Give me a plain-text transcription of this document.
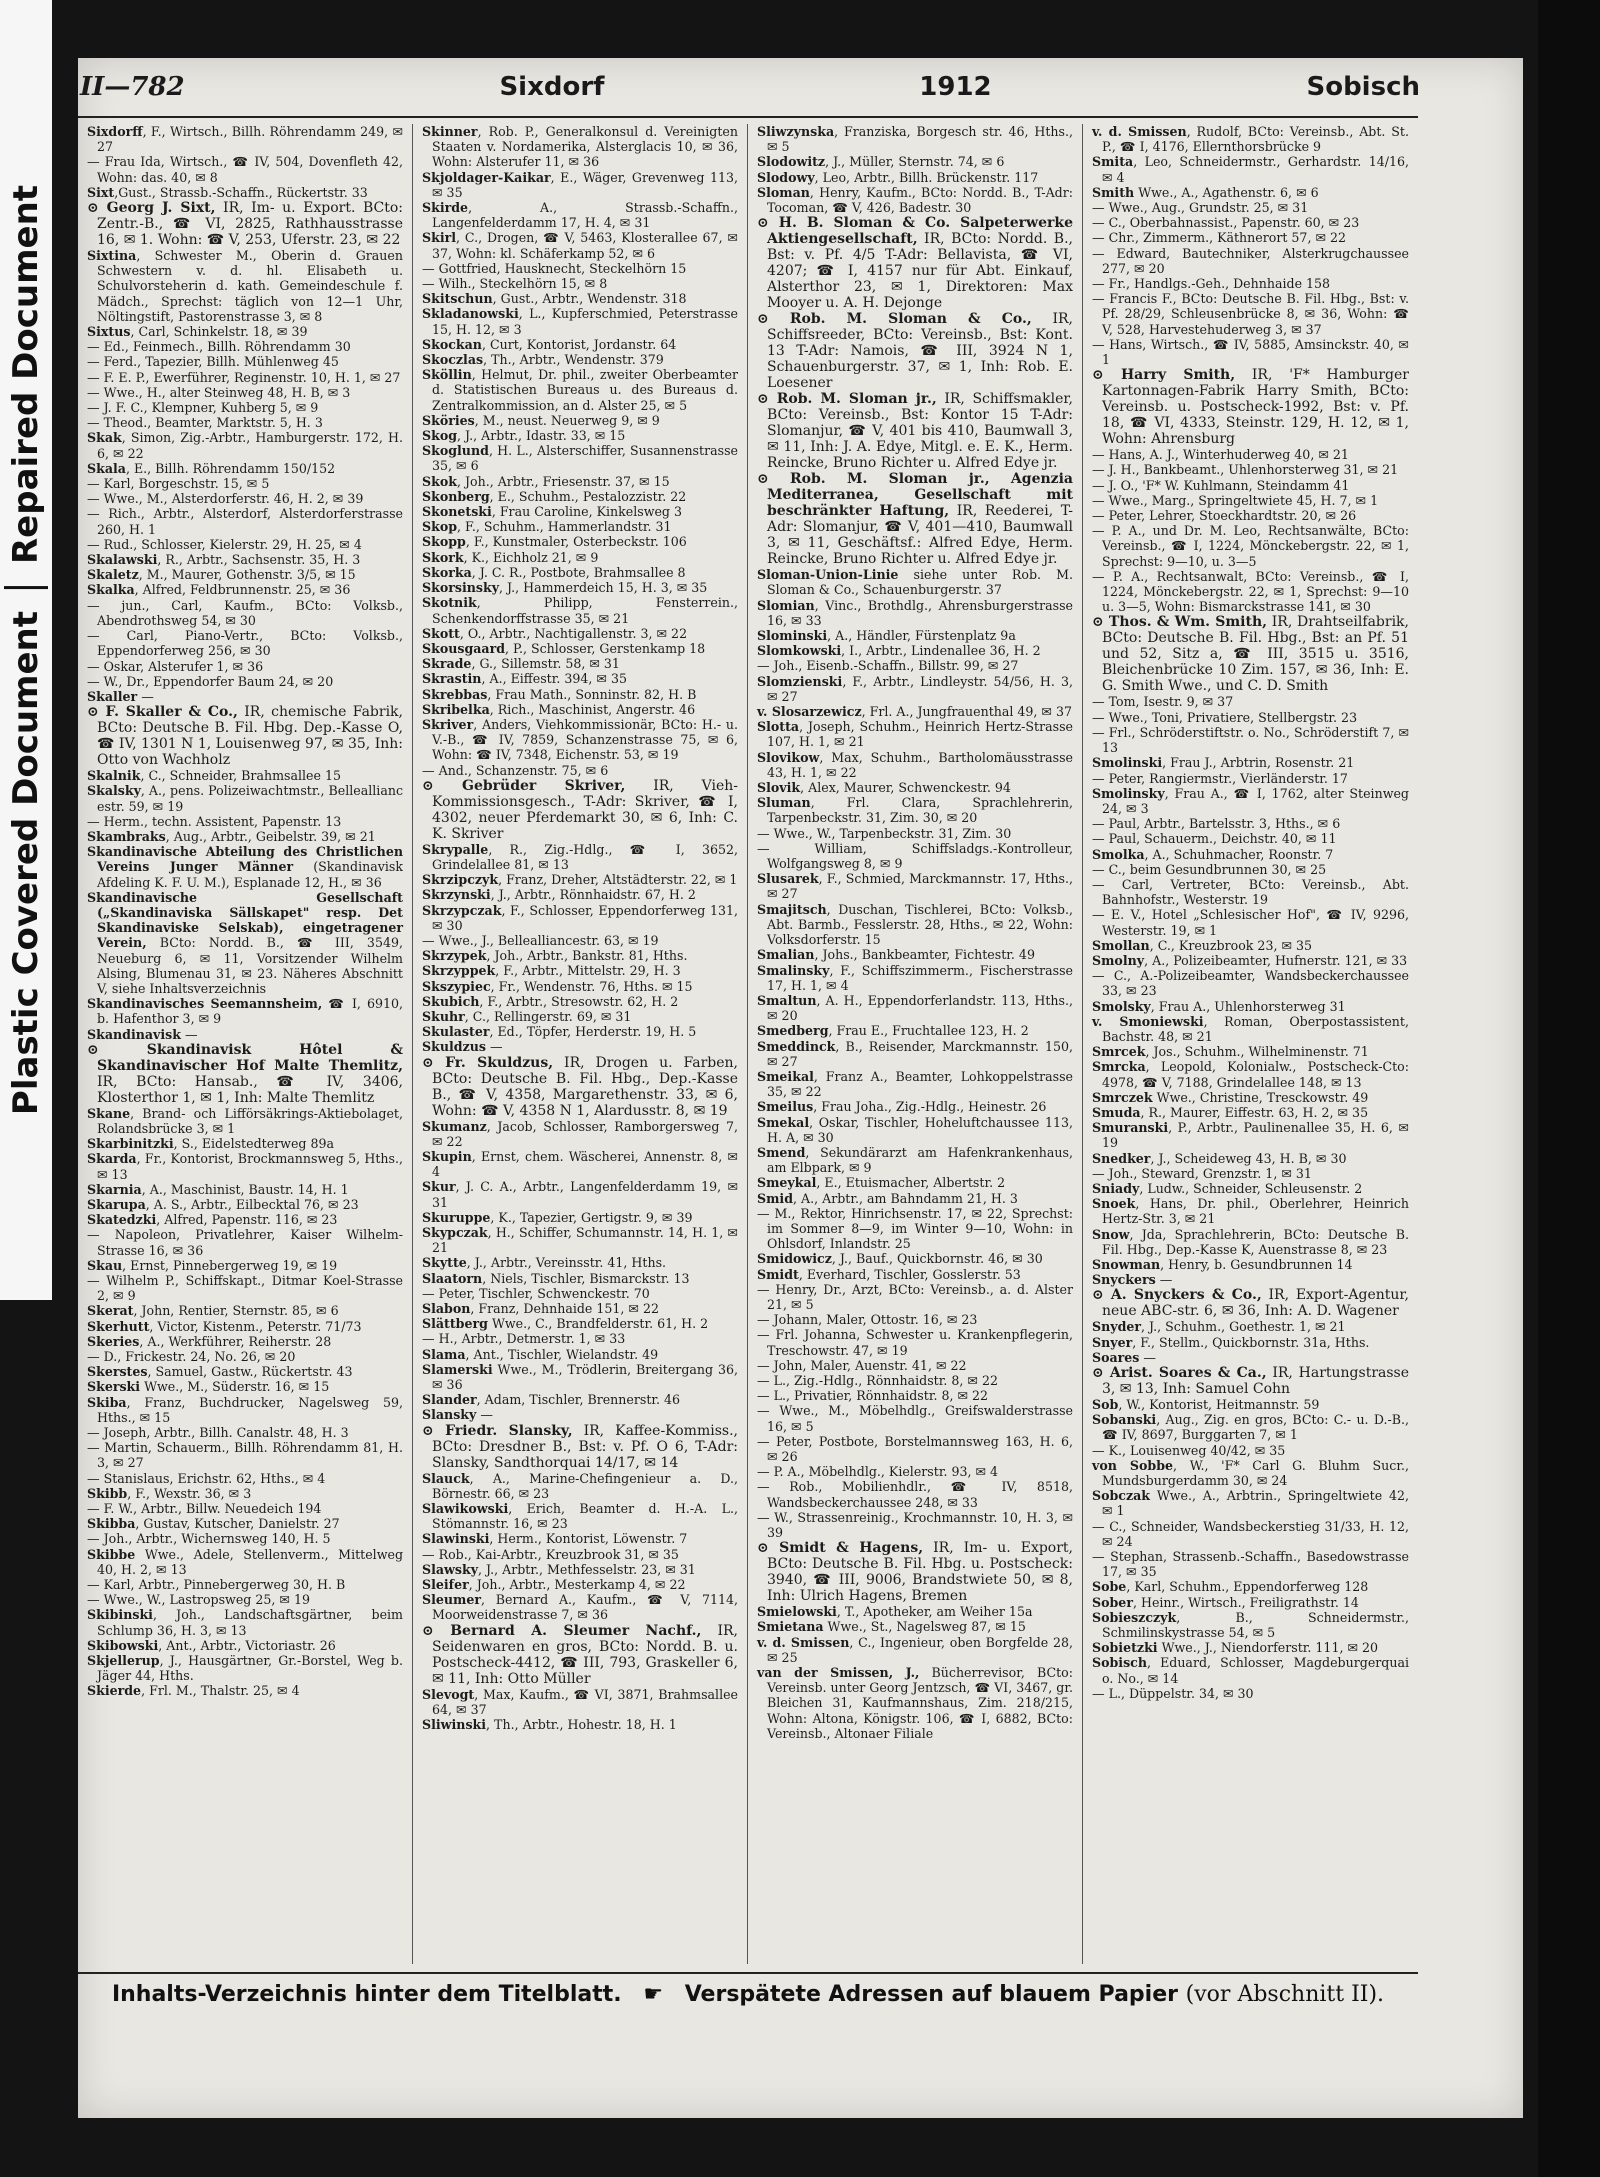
Plastic Covered Document
Repaired Document
II—782	Sixdorf	1912	Sobisch

Sixdorff, F., Wirtsch., Billh. Röhrendamm 249, ✉ 27

— Frau Ida, Wirtsch., ☎ IV, 504, Dovenfleth 42, Wohn: das. 40, ✉ 8

Sixt,Gust., Strassb.-Schaffn., Rückertstr. 33

⊙ Georg J. Sixt, IR, Im- u. Export. BCto: Zentr.-B., ☎ VI, 2825, Rathhausstrasse 16, ✉ 1. Wohn: ☎ V, 253, Uferstr. 23, ✉ 22

Sixtina, Schwester M., Oberin d. Grauen Schwestern v. d. hl. Elisabeth u. Schulvorsteherin d. kath. Gemeindeschule f. Mädch., Sprechst: täglich von 12—1 Uhr, Nöltingstift, Pastorenstrasse 3, ✉ 8

Sixtus, Carl, Schinkelstr. 18, ✉ 39

— Ed., Feinmech., Billh. Röhrendamm 30

— Ferd., Tapezier, Billh. Mühlenweg 45

— F. E. P., Ewerführer, Reginenstr. 10, H. 1, ✉ 27

— Wwe., H., alter Steinweg 48, H. B, ✉ 3

— J. F. C., Klempner, Kuhberg 5, ✉ 9

— Theod., Beamter, Marktstr. 5, H. 3

Skak, Simon, Zig.-Arbtr., Hamburgerstr. 172, H. 6, ✉ 22

Skala, E., Billh. Röhrendamm 150/152

— Karl, Borgeschstr. 15, ✉ 5

— Wwe., M., Alsterdorferstr. 46, H. 2, ✉ 39

— Rich., Arbtr., Alsterdorf, Alsterdorferstrasse 260, H. 1

— Rud., Schlosser, Kielerstr. 29, H. 25, ✉ 4

Skalawski, R., Arbtr., Sachsenstr. 35, H. 3

Skaletz, M., Maurer, Gothenstr. 3/5, ✉ 15

Skalka, Alfred, Feldbrunnenstr. 25, ✉ 36

— jun., Carl, Kaufm., BCto: Volksb., Abendrothsweg 54, ✉ 30

— Carl, Piano-Vertr., BCto: Volksb., Eppendorferweg 256, ✉ 30

— Oskar, Alsterufer 1, ✉ 36

— W., Dr., Eppendorfer Baum 24, ✉ 20

Skaller —

⊙ F. Skaller & Co., IR, chemische Fabrik, BCto: Deutsche B. Fil. Hbg. Dep.-Kasse O, ☎ IV, 1301 N 1, Louisenweg 97, ✉ 35, Inh: Otto von Wachholz

Skalnik, C., Schneider, Brahmsallee 15

Skalsky, A., pens. Polizeiwachtmstr., Belleallianc estr. 59, ✉ 19

— Herm., techn. Assistent, Papenstr. 13

Skambraks, Aug., Arbtr., Geibelstr. 39, ✉ 21

Skandinavische Abteilung des Christlichen Vereins Junger Männer (Skandinavisk Afdeling K. F. U. M.), Esplanade 12, H., ✉ 36

Skandinavische Gesellschaft („Skandinaviska Sällskapet" resp. Det Skandinaviske Selskab), eingetragener Verein, BCto: Nordd. B., ☎ III, 3549, Neueburg 6, ✉ 11, Vorsitzender Wilhelm Alsing, Blumenau 31, ✉ 23. Näheres Abschnitt V, siehe Inhaltsverzeichnis

Skandinavisches Seemannsheim, ☎ I, 6910, b. Hafenthor 3, ✉ 9

Skandinavisk —

⊙ Skandinavisk Hôtel & Skandinavischer Hof Malte Themlitz, IR, BCto: Hansab., ☎ IV, 3406, Klosterthor 1, ✉ 1, Inh: Malte Themlitz

Skane, Brand- och Lifförsäkrings-Aktiebolaget, Rolandsbrücke 3, ✉ 1

Skarbinitzki, S., Eidelstedterweg 89a

Skarda, Fr., Kontorist, Brockmannsweg 5, Hths., ✉ 13

Skarnia, A., Maschinist, Baustr. 14, H. 1

Skarupa, A. S., Arbtr., Eilbecktal 76, ✉ 23

Skatedzki, Alfred, Papenstr. 116, ✉ 23

— Napoleon, Privatlehrer, Kaiser Wilhelm-Strasse 16, ✉ 36

Skau, Ernst, Pinnebergerweg 19, ✉ 19

— Wilhelm P., Schiffskapt., Ditmar Koel-Strasse 2, ✉ 9

Skerat, John, Rentier, Sternstr. 85, ✉ 6

Skerhutt, Victor, Kistenm., Peterstr. 71/73

Skeries, A., Werkführer, Reiherstr. 28

— D., Frickestr. 24, No. 26, ✉ 20

Skerstes, Samuel, Gastw., Rückertstr. 43

Skerski Wwe., M., Süderstr. 16, ✉ 15

Skiba, Franz, Buchdrucker, Nagelsweg 59, Hths., ✉ 15

— Joseph, Arbtr., Billh. Canalstr. 48, H. 3

— Martin, Schauerm., Billh. Röhrendamm 81, H. 3, ✉ 27

— Stanislaus, Erichstr. 62, Hths., ✉ 4

Skibb, F., Wexstr. 36, ✉ 3

— F. W., Arbtr., Billw. Neuedeich 194

Skibba, Gustav, Kutscher, Danielstr. 27

— Joh., Arbtr., Wichernsweg 140, H. 5

Skibbe Wwe., Adele, Stellenverm., Mittelweg 40, H. 2, ✉ 13

— Karl, Arbtr., Pinnebergerweg 30, H. B

— Wwe., W., Lastropsweg 25, ✉ 19

Skibinski, Joh., Landschaftsgärtner, beim Schlump 36, H. 3, ✉ 13

Skibowski, Ant., Arbtr., Victoriastr. 26

Skjellerup, J., Hausgärtner, Gr.-Borstel, Weg b. Jäger 44, Hths.

Skierde, Frl. M., Thalstr. 25, ✉ 4

Skinner, Rob. P., Generalkonsul d. Vereinigten Staaten v. Nordamerika, Alsterglacis 10, ✉ 36, Wohn: Alsterufer 11, ✉ 36

Skjoldager-Kaikar, E., Wäger, Grevenweg 113, ✉ 35

Skirde, A., Strassb.-Schaffn., Langenfelderdamm 17, H. 4, ✉ 31

Skirl, C., Drogen, ☎ V, 5463, Klosterallee 67, ✉ 37, Wohn: kl. Schäferkamp 52, ✉ 6

— Gottfried, Hausknecht, Steckelhörn 15

— Wilh., Steckelhörn 15, ✉ 8

Skitschun, Gust., Arbtr., Wendenstr. 318

Skladanowski, L., Kupferschmied, Peterstrasse 15, H. 12, ✉ 3

Skockan, Curt, Kontorist, Jordanstr. 64

Skoczlas, Th., Arbtr., Wendenstr. 379

Sköllin, Helmut, Dr. phil., zweiter Oberbeamter d. Statistischen Bureaus u. des Bureaus d. Zentralkommission, an d. Alster 25, ✉ 5

Sköries, M., neust. Neuerweg 9, ✉ 9

Skog, J., Arbtr., Idastr. 33, ✉ 15

Skoglund, H. L., Alsterschiffer, Susannenstrasse 35, ✉ 6

Skok, Joh., Arbtr., Friesenstr. 37, ✉ 15

Skonberg, E., Schuhm., Pestalozzistr. 22

Skonetski, Frau Caroline, Kinkelsweg 3

Skop, F., Schuhm., Hammerlandstr. 31

Skopp, F., Kunstmaler, Osterbeckstr. 106

Skork, K., Eichholz 21, ✉ 9

Skorka, J. C. R., Postbote, Brahmsallee 8

Skorsinsky, J., Hammerdeich 15, H. 3, ✉ 35

Skotnik, Philipp, Fensterrein., Schenkendorffstrasse 35, ✉ 21

Skott, O., Arbtr., Nachtigallenstr. 3, ✉ 22

Skousgaard, P., Schlosser, Gerstenkamp 18

Skrade, G., Sillemstr. 58, ✉ 31

Skrastin, A., Eiffestr. 394, ✉ 35

Skrebbas, Frau Math., Sonninstr. 82, H. B

Skribelka, Rich., Maschinist, Angerstr. 46

Skriver, Anders, Viehkommissionär, BCto: H.- u. V.-B., ☎ IV, 7859, Schanzenstrasse 75, ✉ 6, Wohn: ☎ IV, 7348, Eichenstr. 53, ✉ 19

— And., Schanzenstr. 75, ✉ 6

⊙ Gebrüder Skriver, IR, Vieh-Kommissionsgesch., T-Adr: Skriver, ☎ I, 4302, neuer Pferdemarkt 30, ✉ 6, Inh: C. K. Skriver

Skrypalle, R., Zig.-Hdlg., ☎ I, 3652, Grindelallee 81, ✉ 13

Skrzipczyk, Franz, Dreher, Altstädterstr. 22, ✉ 1

Skrzynski, J., Arbtr., Rönnhaidstr. 67, H. 2

Skrzypczak, F., Schlosser, Eppendorferweg 131, ✉ 30

— Wwe., J., Bellealliancestr. 63, ✉ 19

Skrzypek, Joh., Arbtr., Bankstr. 81, Hths.

Skrzyppek, F., Arbtr., Mittelstr. 29, H. 3

Skszypiec, Fr., Wendenstr. 76, Hths. ✉ 15

Skubich, F., Arbtr., Stresowstr. 62, H. 2

Skuhr, C., Rellingerstr. 69, ✉ 31

Skulaster, Ed., Töpfer, Herderstr. 19, H. 5

Skuldzus —

⊙ Fr. Skuldzus, IR, Drogen u. Farben, BCto: Deutsche B. Fil. Hbg., Dep.-Kasse B., ☎ V, 4358, Margarethenstr. 33, ✉ 6, Wohn: ☎ V, 4358 N 1, Alardusstr. 8, ✉ 19

Skumanz, Jacob, Schlosser, Ramborgersweg 7, ✉ 22

Skupin, Ernst, chem. Wäscherei, Annenstr. 8, ✉ 4

Skur, J. C. A., Arbtr., Langenfelderdamm 19, ✉ 31

Skuruppe, K., Tapezier, Gertigstr. 9, ✉ 39

Skypczak, H., Schiffer, Schumannstr. 14, H. 1, ✉ 21

Skytte, J., Arbtr., Vereinsstr. 41, Hths.

Slaatorn, Niels, Tischler, Bismarckstr. 13

— Peter, Tischler, Schwenckestr. 70

Slabon, Franz, Dehnhaide 151, ✉ 22

Slättberg Wwe., C., Brandfelderstr. 61, H. 2

— H., Arbtr., Detmerstr. 1, ✉ 33

Slama, Ant., Tischler, Wielandstr. 49

Slamerski Wwe., M., Trödlerin, Breitergang 36, ✉ 36

Slander, Adam, Tischler, Brennerstr. 46

Slansky —

⊙ Friedr. Slansky, IR, Kaffee-Kommiss., BCto: Dresdner B., Bst: v. Pf. O 6, T-Adr: Slansky, Sandthorquai 14/17, ✉ 14

Slauck, A., Marine-Chefingenieur a. D., Börnestr. 66, ✉ 23

Slawikowski, Erich, Beamter d. H.-A. L., Stömannstr. 16, ✉ 23

Slawinski, Herm., Kontorist, Löwenstr. 7

— Rob., Kai-Arbtr., Kreuzbrook 31, ✉ 35

Slawsky, J., Arbtr., Methfesselstr. 23, ✉ 31

Sleifer, Joh., Arbtr., Mesterkamp 4, ✉ 22

Sleumer, Bernard A., Kaufm., ☎ V, 7114, Moorweidenstrasse 7, ✉ 36

⊙ Bernard A. Sleumer Nachf., IR, Seidenwaren en gros, BCto: Nordd. B. u. Postscheck-4412, ☎ III, 793, Graskeller 6, ✉ 11, Inh: Otto Müller

Slevogt, Max, Kaufm., ☎ VI, 3871, Brahmsallee 64, ✉ 37

Sliwinski, Th., Arbtr., Hohestr. 18, H. 1

Sliwzynska, Franziska, Borgesch str. 46, Hths., ✉ 5

Slodowitz, J., Müller, Sternstr. 74, ✉ 6

Slodowy, Leo, Arbtr., Billh. Brückenstr. 117

Sloman, Henry, Kaufm., BCto: Nordd. B., T-Adr: Tocoman, ☎ V, 426, Badestr. 30

⊙ H. B. Sloman & Co. Salpeterwerke Aktiengesellschaft, IR, BCto: Nordd. B., Bst: v. Pf. 4/5 T-Adr: Bellavista, ☎ VI, 4207; ☎ I, 4157 nur für Abt. Einkauf, Alsterthor 23, ✉ 1, Direktoren: Max Mooyer u. A. H. Dejonge

⊙ Rob. M. Sloman & Co., IR, Schiffsreeder, BCto: Vereinsb., Bst: Kont. 13 T-Adr: Namois, ☎ III, 3924 N 1, Schauenburgerstr. 37, ✉ 1, Inh: Rob. E. Loesener

⊙ Rob. M. Sloman jr., IR, Schiffsmakler, BCto: Vereinsb., Bst: Kontor 15 T-Adr: Slomanjur, ☎ V, 401 bis 410, Baumwall 3, ✉ 11, Inh: J. A. Edye, Mitgl. e. E. K., Herm. Reincke, Bruno Richter u. Alfred Edye jr.

⊙ Rob. M. Sloman jr., Agenzia Mediterranea, Gesellschaft mit beschränkter Haftung, IR, Reederei, T-Adr: Slomanjur, ☎ V, 401—410, Baumwall 3, ✉ 11, Geschäftsf.: Alfred Edye, Herm. Reincke, Bruno Richter u. Alfred Edye jr.

Sloman-Union-Linie siehe unter Rob. M. Sloman & Co., Schauenburgerstr. 37

Slomian, Vinc., Brothdlg., Ahrensburgerstrasse 16, ✉ 33

Slominski, A., Händler, Fürstenplatz 9a

Slomkowski, I., Arbtr., Lindenallee 36, H. 2

— Joh., Eisenb.-Schaffn., Billstr. 99, ✉ 27

Slomzienski, F., Arbtr., Lindleystr. 54/56, H. 3, ✉ 27

v. Slosarzewicz, Frl. A., Jungfrauenthal 49, ✉ 37

Slotta, Joseph, Schuhm., Heinrich Hertz-Strasse 107, H. 1, ✉ 21

Slovikow, Max, Schuhm., Bartholomäusstrasse 43, H. 1, ✉ 22

Slovik, Alex, Maurer, Schwenckestr. 94

Sluman, Frl. Clara, Sprachlehrerin, Tarpenbeckstr. 31, Zim. 30, ✉ 20

— Wwe., W., Tarpenbeckstr. 31, Zim. 30

— William, Schiffsladgs.-Kontrolleur, Wolfgangsweg 8, ✉ 9

Slusarek, F., Schmied, Marckmannstr. 17, Hths., ✉ 27

Smajitsch, Duschan, Tischlerei, BCto: Volksb., Abt. Barmb., Fesslerstr. 28, Hths., ✉ 22, Wohn: Volksdorferstr. 15

Smalian, Johs., Bankbeamter, Fichtestr. 49

Smalinsky, F., Schiffszimmerm., Fischerstrasse 17, H. 1, ✉ 4

Smaltun, A. H., Eppendorferlandstr. 113, Hths., ✉ 20

Smedberg, Frau E., Fruchtallee 123, H. 2

Smeddinck, B., Reisender, Marckmannstr. 150, ✉ 27

Smeikal, Franz A., Beamter, Lohkoppelstrasse 35, ✉ 22

Smeilus, Frau Joha., Zig.-Hdlg., Heinestr. 26

Smekal, Oskar, Tischler, Hoheluftchaussee 113, H. A, ✉ 30

Smend, Sekundärarzt am Hafenkrankenhaus, am Elbpark, ✉ 9

Smeykal, E., Etuismacher, Albertstr. 2

Smid, A., Arbtr., am Bahndamm 21, H. 3

— M., Rektor, Hinrichsenstr. 17, ✉ 22, Sprechst: im Sommer 8—9, im Winter 9—10, Wohn: in Ohlsdorf, Inlandstr. 25

Smidowicz, J., Bauf., Quickbornstr. 46, ✉ 30

Smidt, Everhard, Tischler, Gosslerstr. 53

— Henry, Dr., Arzt, BCto: Vereinsb., a. d. Alster 21, ✉ 5

— Johann, Maler, Ottostr. 16, ✉ 23

— Frl. Johanna, Schwester u. Krankenpflegerin, Treschowstr. 47, ✉ 19

— John, Maler, Auenstr. 41, ✉ 22

— L., Zig.-Hdlg., Rönnhaidstr. 8, ✉ 22

— L., Privatier, Rönnhaidstr. 8, ✉ 22

— Wwe., M., Möbelhdlg., Greifswalderstrasse 16, ✉ 5

— Peter, Postbote, Borstelmannsweg 163, H. 6, ✉ 26

— P. A., Möbelhdlg., Kielerstr. 93, ✉ 4

— Rob., Mobilienhdlr., ☎ IV, 8518, Wandsbeckerchaussee 248, ✉ 33

— W., Strassenreinig., Krochmannstr. 10, H. 3, ✉ 39

⊙ Smidt & Hagens, IR, Im- u. Export, BCto: Deutsche B. Fil. Hbg. u. Postscheck: 3940, ☎ III, 9006, Brandstwiete 50, ✉ 8, Inh: Ulrich Hagens, Bremen

Smielowski, T., Apotheker, am Weiher 15a

Smietana Wwe., St., Nagelsweg 87, ✉ 15

v. d. Smissen, C., Ingenieur, oben Borgfelde 28, ✉ 25

van der Smissen, J., Bücherrevisor, BCto: Vereinsb. unter Georg Jentzsch, ☎ VI, 3467, gr. Bleichen 31, Kaufmannshaus, Zim. 218/215, Wohn: Altona, Königstr. 106, ☎ I, 6882, BCto: Vereinsb., Altonaer Filiale

v. d. Smissen, Rudolf, BCto: Vereinsb., Abt. St. P., ☎ I, 4176, Ellernthorsbrücke 9

Smita, Leo, Schneidermstr., Gerhardstr. 14/16, ✉ 4

Smith Wwe., A., Agathenstr. 6, ✉ 6

— Wwe., Aug., Grundstr. 25, ✉ 31

— C., Oberbahnassist., Papenstr. 60, ✉ 23

— Chr., Zimmerm., Käthnerort 57, ✉ 22

— Edward, Bautechniker, Alsterkrugchaussee 277, ✉ 20

— Fr., Handlgs.-Geh., Dehnhaide 158

— Francis F., BCto: Deutsche B. Fil. Hbg., Bst: v. Pf. 28/29, Schleusenbrücke 8, ✉ 36, Wohn: ☎ V, 528, Harvestehuderweg 3, ✉ 37

— Hans, Wirtsch., ☎ IV, 5885, Amsinckstr. 40, ✉ 1

⊙ Harry Smith, IR, 'F* Hamburger Kartonnagen-Fabrik Harry Smith, BCto: Vereinsb. u. Postscheck-1992, Bst: v. Pf. 18, ☎ VI, 4333, Steinstr. 129, H. 12, ✉ 1, Wohn: Ahrensburg

— Hans, A. J., Winterhuderweg 40, ✉ 21

— J. H., Bankbeamt., Uhlenhorsterweg 31, ✉ 21

— J. O., 'F* W. Kuhlmann, Steindamm 41

— Wwe., Marg., Springeltwiete 45, H. 7, ✉ 1

— Peter, Lehrer, Stoeckhardtstr. 20, ✉ 26

— P. A., und Dr. M. Leo, Rechtsanwälte, BCto: Vereinsb., ☎ I, 1224, Mönckebergstr. 22, ✉ 1, Sprechst: 9—10, u. 3—5

— P. A., Rechtsanwalt, BCto: Vereinsb., ☎ I, 1224, Mönckebergstr. 22, ✉ 1, Sprechst: 9—10 u. 3—5, Wohn: Bismarckstrasse 141, ✉ 30

⊙ Thos. & Wm. Smith, IR, Drahtseilfabrik, BCto: Deutsche B. Fil. Hbg., Bst: an Pf. 51 und 52, Sitz a, ☎ III, 3515 u. 3516, Bleichenbrücke 10 Zim. 157, ✉ 36, Inh: E. G. Smith Wwe., und C. D. Smith

— Tom, Isestr. 9, ✉ 37

— Wwe., Toni, Privatiere, Stellbergstr. 23

— Frl., Schröderstiftstr. o. No., Schröderstift 7, ✉ 13

Smolinski, Frau J., Arbtrin, Rosenstr. 21

— Peter, Rangiermstr., Vierländerstr. 17

Smolinsky, Frau A., ☎ I, 1762, alter Steinweg 24, ✉ 3

— Paul, Arbtr., Bartelsstr. 3, Hths., ✉ 6

— Paul, Schauerm., Deichstr. 40, ✉ 11

Smolka, A., Schuhmacher, Roonstr. 7

— C., beim Gesundbrunnen 30, ✉ 25

— Carl, Vertreter, BCto: Vereinsb., Abt. Bahnhofstr., Westerstr. 19

— E. V., Hotel „Schlesischer Hof", ☎ IV, 9296, Westerstr. 19, ✉ 1

Smollan, C., Kreuzbrook 23, ✉ 35

Smolny, A., Polizeibeamter, Hufnerstr. 121, ✉ 33

— C., A.-Polizeibeamter, Wandsbeckerchaussee 33, ✉ 23

Smolsky, Frau A., Uhlenhorsterweg 31

v. Smoniewski, Roman, Oberpostassistent, Bachstr. 48, ✉ 21

Smrcek, Jos., Schuhm., Wilhelminenstr. 71

Smrcka, Leopold, Kolonialw., Postscheck-Cto: 4978, ☎ V, 7188, Grindelallee 148, ✉ 13

Smrczek Wwe., Christine, Tresckowstr. 49

Smuda, R., Maurer, Eiffestr. 63, H. 2, ✉ 35

Smuranski, P., Arbtr., Paulinenallee 35, H. 6, ✉ 19

Snedker, J., Scheideweg 43, H. B, ✉ 30

— Joh., Steward, Grenzstr. 1, ✉ 31

Sniady, Ludw., Schneider, Schleusenstr. 2

Snoek, Hans, Dr. phil., Oberlehrer, Heinrich Hertz-Str. 3, ✉ 21

Snow, Jda, Sprachlehrerin, BCto: Deutsche B. Fil. Hbg., Dep.-Kasse K, Auenstrasse 8, ✉ 23

Snowman, Henry, b. Gesundbrunnen 14

Snyckers —

⊙ A. Snyckers & Co., IR, Export-Agentur, neue ABC-str. 6, ✉ 36, Inh: A. D. Wagener

Snyder, J., Schuhm., Goethestr. 1, ✉ 21

Snyer, F., Stellm., Quickbornstr. 31a, Hths.

Soares —

⊙ Arist. Soares & Ca., IR, Hartungstrasse 3, ✉ 13, Inh: Samuel Cohn

Sob, W., Kontorist, Heitmannstr. 59

Sobanski, Aug., Zig. en gros, BCto: C.- u. D.-B., ☎ IV, 8697, Burggarten 7, ✉ 1

— K., Louisenweg 40/42, ✉ 35

von Sobbe, W., 'F* Carl G. Bluhm Sucr., Mundsburgerdamm 30, ✉ 24

Sobczak Wwe., A., Arbtrin., Springeltwiete 42, ✉ 1

— C., Schneider, Wandsbeckerstieg 31/33, H. 12, ✉ 24

— Stephan, Strassenb.-Schaffn., Basedowstrasse 17, ✉ 35

Sobe, Karl, Schuhm., Eppendorferweg 128

Sober, Heinr., Wirtsch., Freiligrathstr. 14

Sobieszczyk, B., Schneidermstr., Schmilinskystrasse 54, ✉ 5

Sobietzki Wwe., J., Niendorferstr. 111, ✉ 20

Sobisch, Eduard, Schlosser, Magdeburgerquai o. No., ✉ 14

— L., Düppelstr. 34, ✉ 30

Inhalts-Verzeichnis hinter dem Titelblatt. ☛ Verspätete Adressen auf blauem Papier (vor Abschnitt II).
